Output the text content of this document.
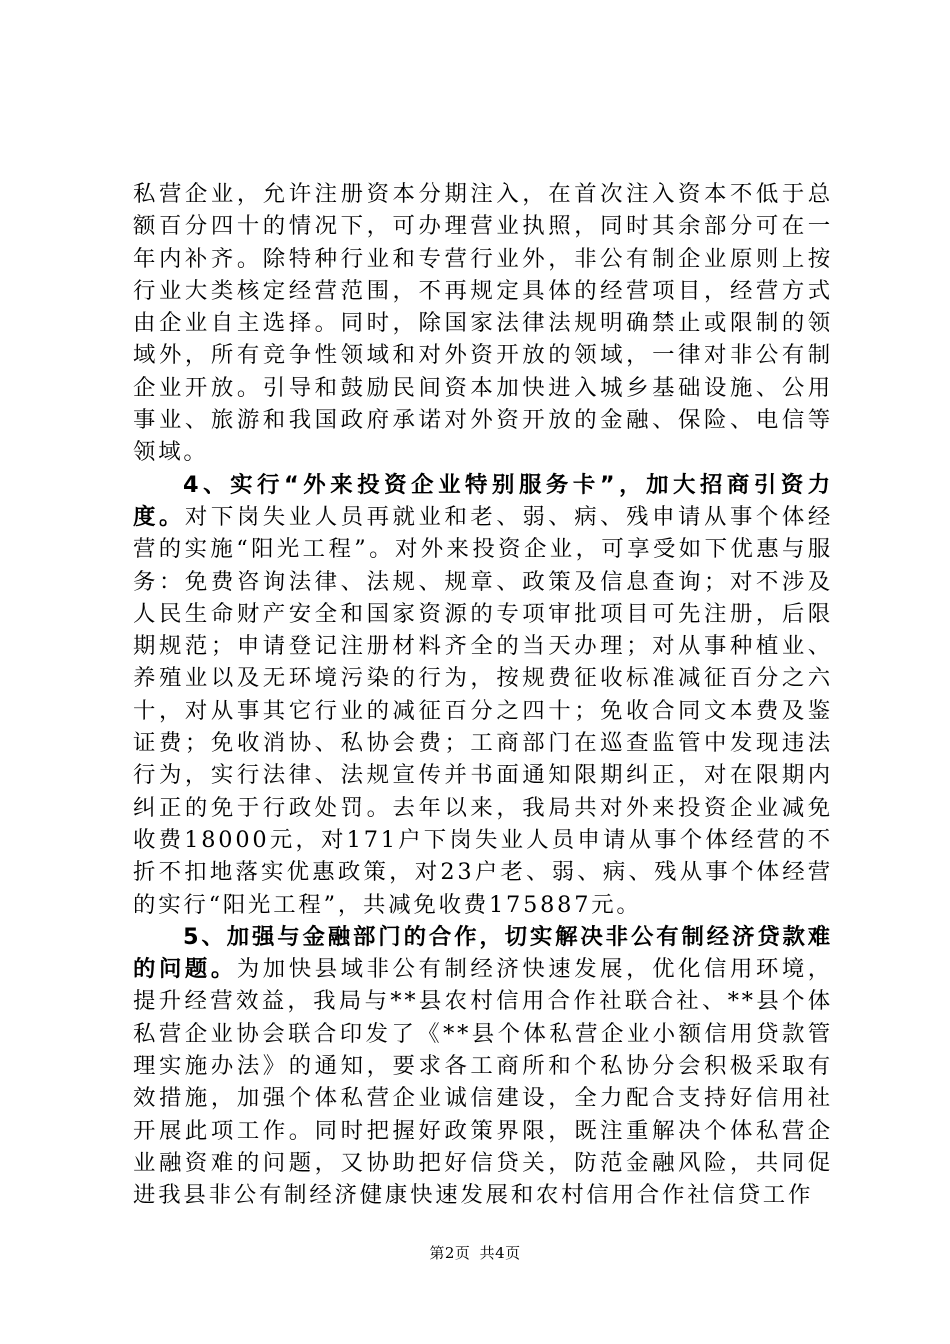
私营企业，允许注册资本分期注入，在首次注入资本不低于总额百分四十的情况下，可办理营业执照，同时其余部分可在一年内补齐。除特种行业和专营行业外，非公有制企业原则上按行业大类核定经营范围，不再规定具体的经营项目，经营方式由企业自主选择。同时，除国家法律法规明确禁止或限制的领域外，所有竞争性领域和对外资开放的领域，一律对非公有制企业开放。引导和鼓励民间资本加快进入城乡基础设施、公用事业、旅游和我国政府承诺对外资开放的金融、保险、电信等领域。

4、实行“外来投资企业特别服务卡”，加大招商引资力度。对下岗失业人员再就业和老、弱、病、残申请从事个体经营的实施“阳光工程”。对外来投资企业，可享受如下优惠与服务：免费咨询法律、法规、规章、政策及信息查询；对不涉及人民生命财产安全和国家资源的专项审批项目可先注册，后限期规范；申请登记注册材料齐全的当天办理；对从事种植业、养殖业以及无环境污染的行为，按规费征收标准减征百分之六十，对从事其它行业的减征百分之四十；免收合同文本费及鉴证费；免收消协、私协会费；工商部门在巡查监管中发现违法行为，实行法律、法规宣传并书面通知限期纠正，对在限期内纠正的免于行政处罚。去年以来，我局共对外来投资企业减免收费18000元，对171户下岗失业人员申请从事个体经营的不折不扣地落实优惠政策，对23户老、弱、病、残从事个体经营的实行“阳光工程”，共减免收费175887元。

5、加强与金融部门的合作，切实解决非公有制经济贷款难的问题。为加快县域非公有制经济快速发展，优化信用环境，提升经营效益，我局与**县农村信用合作社联合社、**县个体私营企业协会联合印发了《**县个体私营企业小额信用贷款管理实施办法》的通知，要求各工商所和个私协分会积极采取有效措施，加强个体私营企业诚信建设，全力配合支持好信用社开展此项工作。同时把握好政策界限，既注重解决个体私营企业融资难的问题，又协助把好信贷关，防范金融风险，共同促进我县非公有制经济健康快速发展和农村信用合作社信贷工作

第2页 共4页
